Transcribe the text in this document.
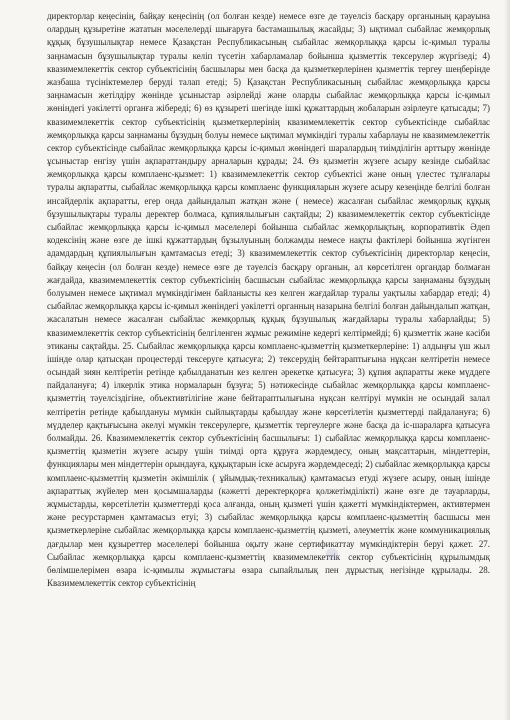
директорлар кеңесінің, байқау кеңесінің (ол болған кезде) немесе өзге де тәуелсіз басқару органының қарауына олардың құзыретіне жататын мәселелерді шығаруға бастамашылық жасайды; 3) ықтимал сыбайлас жемқорлық құқық бұзушылықтар немесе Қазақстан Республикасының сыбайлас жемқорлыққа қарсы іс-қимыл туралы заңнамасын бұзушылықтар туралы келіп түсетін хабарламалар бойынша қызметтік тексерулер жүргізеді; 4) квазимемлекеттік сектор субъектісінің басшылары мен басқа да қызметкерлерінен қызметтік тергеу шеңберінде жазбаша түсініктемелер беруді талап етеді; 5) Қазақстан Республикасының сыбайлас жемқорлыққа қарсы заңнамасын жетілдіру жөнінде ұсыныстар әзірлейді және оларды сыбайлас жемқорлыққа қарсы іс-қимыл жөніндегі уәкілетті органға жібереді; 6) өз құзыреті шегінде ішкі құжаттардың жобаларын әзірлеуге қатысады; 7) квазимемлекеттік сектор субъектісінің қызметкерлерінің квазимемлекеттік сектор субъектісінде сыбайлас жемқорлыққа қарсы заңнаманы бұзудың болуы немесе ықтимал мүмкіндігі туралы хабарлауы не квазимемлекеттік сектор субъектісінде сыбайлас жемқорлыққа қарсы іс-қимыл жөніндегі шаралардың тиімділігін арттыру жөнінде ұсыныстар енгізу үшін ақпараттандыру арналарын құрады; 24. Өз қызметін жүзеге асыру кезінде сыбайлас жемқорлыққа қарсы комплаенс-қызмет: 1) квазимемлекеттік сектор субъектісі және оның үлестес тұлғалары туралы ақпаратты, сыбайлас жемқорлыққа қарсы комплаенс функцияларын жүзеге асыру кезеңінде белгілі болған инсайдерлік ақпаратты, егер онда дайындалып жатқан және ( немесе) жасалған сыбайлас жемқорлық құқық бұзушылықтары туралы деректер болмаса, құпиялылығын сақтайды; 2) квазимемлекеттік сектор субъектісінде сыбайлас жемқорлыққа қарсы іс-қимыл мәселелері бойынша сыбайлас жемқорлықтың, корпоративтік Әдеп кодексінің және өзге де ішкі құжаттардың бұзылуының болжамды немесе нақты фактілері бойынша жүгінген адамдардың құпиялылығын қамтамасыз етеді; 3) квазимемлекеттік сектор субъектісінің директорлар кеңесін, байқау кеңесін (ол болған кезде) немесе өзге де тәуелсіз басқару органын, ал көрсетілген органдар болмаған жағдайда, квазимемлекеттік сектор субъектісінің басшысын сыбайлас жемқорлыққа қарсы заңнаманы бұзудың болуымен немесе ықтимал мүмкіндігімен байланысты кез келген жағдайлар туралы уақтылы хабардар етеді; 4) сыбайлас жемқорлыққа қарсы іс-қимыл жөніндегі уәкілетті органның назарына белгілі болған дайындалып жатқан, жасалатын немесе жасалған сыбайлас жемқорлық құқық бұзушылық жағдайлары туралы хабарлайды; 5) квазимемлекеттік сектор субъектісінің белгіленген жұмыс режиміне кедергі келтірмейді; 6) қызметтік және кәсіби этиканы сақтайды. 25. Сыбайлас жемқорлыққа қарсы комплаенс-қызметтің қызметкерлеріне: 1) алдыңғы үш жыл ішінде олар қатысқан процестерді тексеруге қатысуға; 2) тексерудің бейтараптығына нұқсан келтіретін немесе осындай зиян келтіретін ретінде қабылданатын кез келген әрекетке қатысуға; 3) құпия ақпаратты жеке мүддеге пайдалануға; 4) ілкерлік этика нормаларын бұзуға; 5) нәтижесінде сыбайлас жемқорлыққа қарсы комплаенс-қызметтің тәуелсіздігіне, объективтілігіне және бейтараптылығына нұқсан келтіруі мүмкін не осындай залал келтіретін ретінде қабылдануы мүмкін сыйлықтарды қабылдау және көрсетілетін қызметтерді пайдалануға; 6) мүдделер қақтығысына әкелуі мүмкін тексерулерге, қызметтік тергеулерге және басқа да іс-шараларға қатысуға болмайды. 26. Квазимемлекеттік сектор субъектісінің басшылығы: 1) сыбайлас жемқорлыққа қарсы комплаенс-қызметтің қызметін жүзеге асыру үшін тиімді орта құруға жәрдемдесу, оның мақсаттарын, міндеттерін, функциялары мен міндеттерін орындауға, құқықтарын іске асыруға жәрдемдеседі; 2) сыбайлас жемқорлыққа қарсы комплаенс-қызметтің қызметін әкімшілік ( ұйымдық-техникалық) қамтамасыз етуді жүзеге асыру, оның ішінде ақпараттық жүйелер мен қосымшаларды (кәжетті деректерқорға қолжетімділікті) және өзге де тауарларды, жұмыстарды, көрсетілетін қызметтерді қоса алғанда, оның қызметі үшін қажетті мүмкіндіктермен, активтермен және ресурстармен қамтамасыз етуі; 3) сыбайлас жемқорлыққа қарсы комплаенс-қызметтің басшысы мен қызметкерлеріне сыбайлас жемқорлыққа қарсы комплаенс-қызметтің қызметі, әлеуметтік және коммуникациялық дағдылар мен құзыреттер мәселелері бойынша оқыту және сертификаттау мүмкіндіктерін беруі қажет. 27. Сыбайлас жемқорлыққа қарсы комплаенс-қызметтің квазимемлекеттік сектор субъектісінің құрылымдық бөлімшелерімен өзара іс-қимылы жұмыстағы өзара сыпайлылық пен дұрыстық негізінде құрылады. 28. Квазимемлекеттік сектор субъектісінің
